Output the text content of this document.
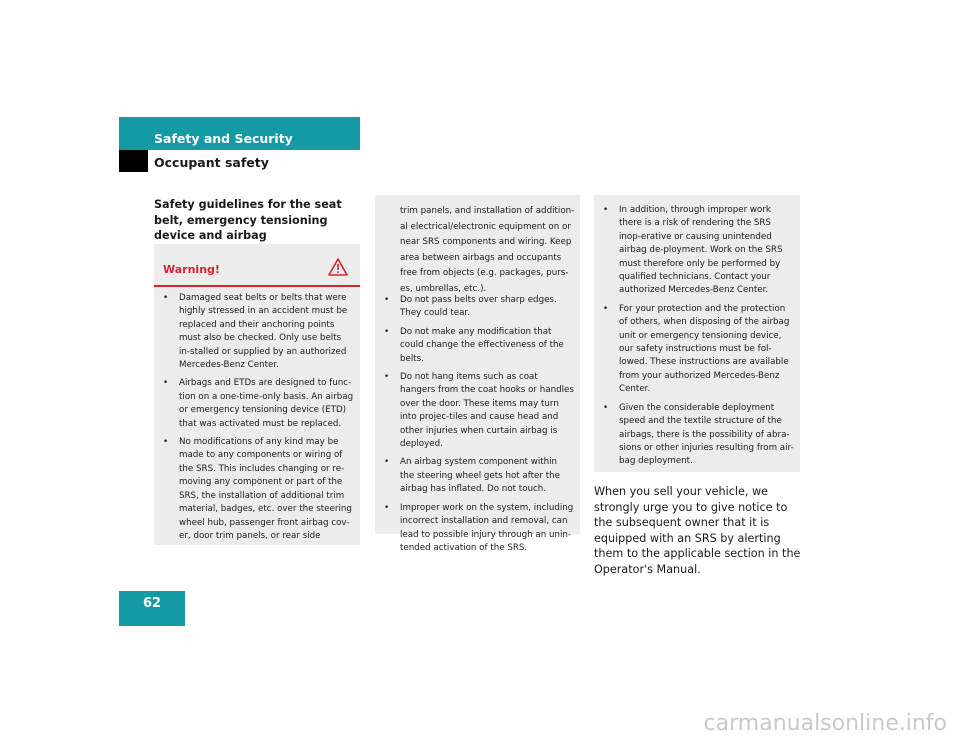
Safety and Security
Occupant safety
Safety guidelines for the seat belt, emergency tensioning device and airbag
Warning!
• Damaged seat belts or belts that were highly stressed in an accident must be replaced and their anchoring points must also be checked. Only use belts in-stalled or supplied by an authorized Mercedes-Benz Center.
• Airbags and ETDs are designed to func-tion on a one-time-only basis. An airbag or emergency tensioning device (ETD) that was activated must be replaced.
• No modifications of any kind may be made to any components or wiring of the SRS. This includes changing or re-moving any component or part of the SRS, the installation of additional trim material, badges, etc. over the steering wheel hub, passenger front airbag cov-er, door trim panels, or rear side
trim panels, and installation of addition-al electrical/electronic equipment on or near SRS components and wiring. Keep area between airbags and occupants free from objects (e.g. packages, purs-es, umbrellas, etc.).
• Do not pass belts over sharp edges. They could tear.
• Do not make any modification that could change the effectiveness of the belts.
• Do not hang items such as coat hangers from the coat hooks or handles over the door. These items may turn into projec-tiles and cause head and other injuries when curtain airbag is deployed.
• An airbag system component within the steering wheel gets hot after the airbag has inflated. Do not touch.
• Improper work on the system, including incorrect installation and removal, can lead to possible injury through an unin-tended activation of the SRS.
• In addition, through improper work there is a risk of rendering the SRS inop-erative or causing unintended airbag de-ployment. Work on the SRS must therefore only be performed by qualified technicians. Contact your authorized Mercedes-Benz Center.
• For your protection and the protection of others, when disposing of the airbag unit or emergency tensioning device, our safety instructions must be fol-lowed. These instructions are available from your authorized Mercedes-Benz Center.
• Given the considerable deployment speed and the textile structure of the airbags, there is the possibility of abra-sions or other injuries resulting from air-bag deployment.
When you sell your vehicle, we strongly urge you to give notice to the subsequent owner that it is equipped with an SRS by alerting them to the applicable section in the Operator's Manual.
62
carmanualsonline.info
